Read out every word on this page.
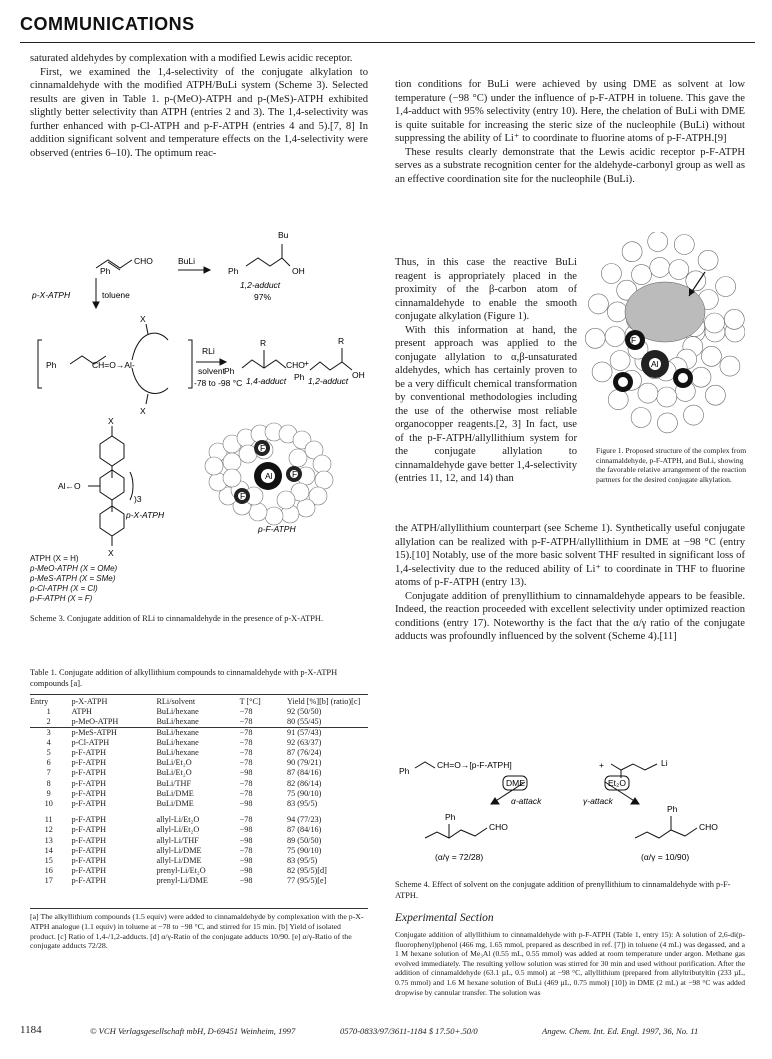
COMMUNICATIONS

saturated aldehydes by complexation with a modified Lewis acidic receptor.

First, we examined the 1,4-selectivity of the conjugate alkylation to cinnamaldehyde with the modified ATPH/BuLi system (Scheme 3). Selected results are given in Table 1. p-(MeO)-ATPH and p-(MeS)-ATPH exhibited slightly better selectivity than ATPH (entries 2 and 3). The 1,4-selectivity was further enhanced with p-Cl-ATPH and p-F-ATPH (entries 4 and 5).[7, 8] In addition significant solvent and temperature effects on the 1,4-selectivity were observed (entries 6–10). The optimum reac-

Ph
CHO	BuLi
Bu
Ph	OH
1,2-adduct
97%
p-X-ATPH	toluene
X
Ph	CH=O→Al-
X
RLi
solvent
-78 to -98 °C
R	R
Ph
CHO +
Ph	OH
1,4-adduct	1,2-adduct
X
Al←O
)3
p-X-ATPH
X
Al
F
F
F
p-F-ATPH
ATPH (X = H)
p-MeO-ATPH (X = OMe)
p-MeS-ATPH (X = SMe)
p-Cl-ATPH (X = Cl)
p-F-ATPH (X = F)
Scheme 3. Conjugate addition of RLi to cinnamaldehyde in the presence of p-X-ATPH.
Table 1. Conjugate addition of alkyllithium compounds to cinnamaldehyde with p-X-ATPH compounds [a].
Entry	p-X-ATPH	RLi/solvent	T [°C]	Yield [%][b] (ratio)[c]
1	ATPH	BuLi/hexane	−78	92 (50/50)
2	p-MeO-ATPH	BuLi/hexane	−78	80 (55/45)
3	p-MeS-ATPH	BuLi/hexane	−78	91 (57/43)
4	p-Cl-ATPH	BuLi/hexane	−78	92 (63/37)
5	p-F-ATPH	BuLi/hexane	−78	87 (76/24)
6	p-F-ATPH	BuLi/Et₂O	−78	90 (79/21)
7	p-F-ATPH	BuLi/Et₂O	−98	87 (84/16)
8	p-F-ATPH	BuLi/THF	−78	82 (86/14)
9	p-F-ATPH	BuLi/DME	−78	75 (90/10)
10	p-F-ATPH	BuLi/DME	−98	83 (95/5)
11	p-F-ATPH	allyl-Li/Et₂O	−78	94 (77/23)
12	p-F-ATPH	allyl-Li/Et₂O	−98	87 (84/16)
13	p-F-ATPH	allyl-Li/THF	−98	89 (50/50)
14	p-F-ATPH	allyl-Li/DME	−78	75 (90/10)
15	p-F-ATPH	allyl-Li/DME	−98	83 (95/5)
16	p-F-ATPH	prenyl-Li/Et₂O	−98	82 (95/5)[d]
17	p-F-ATPH	prenyl-Li/DME	−98	77 (95/5)[e]
[a] The alkyllithium compounds (1.5 equiv) were added to cinnamaldehyde by complexation with the p-X-ATPH analogue (1.1 equiv) in toluene at −78 to −98 °C, and stirred for 15 min. [b] Yield of isolated product. [c] Ratio of 1,4-/1,2-adducts. [d] α/γ-Ratio of the conjugate adducts 10/90. [e] α/γ-Ratio of the conjugate adducts 72/28.

tion conditions for BuLi were achieved by using DME as solvent at low temperature (−98 °C) under the influence of p-F-ATPH in toluene. This gave the 1,4-adduct with 95% selectivity (entry 10). Here, the chelation of BuLi with DME is quite suitable for increasing the steric size of the nucleophile (BuLi) without suppressing the ability of Li⁺ to coordinate to fluorine atoms of p-F-ATPH.[9]

These results clearly demonstrate that the Lewis acidic receptor p-F-ATPH serves as a substrate recognition center for the aldehyde-carbonyl group as well as an effective coordination site for the nucleophile (BuLi).

Thus, in this case the reactive BuLi reagent is appropriately placed in the proximity of the β-carbon atom of cinnamaldehyde to enable the smooth conjugate alkylation (Figure 1).

With this information at hand, the present approach was applied to the conjugate allylation to α,β-unsaturated aldehydes, which has certainly proven to be a very difficult chemical transformation by conventional methodologies including the use of the otherwise most reliable organocopper reagents.[2, 3] In fact, use of the p-F-ATPH/allyllithium system for the conjugate allylation to cinnamaldehyde gave better 1,4-selectivity (entries 11, 12, and 14) than

the ATPH/allyllithium counterpart (see Scheme 1). Synthetically useful conjugate allylation can be realized with p-F-ATPH/allyllithium in DME at −98 °C (entry 15).[10] Notably, use of the more basic solvent THF resulted in significant loss of 1,4-selectivity due to the reduced ability of Li⁺ to coordinate in THF to fluorine atoms of p-F-ATPH (entry 13).

Conjugate addition of prenyllithium to cinnamaldehyde appears to be feasible. Indeed, the reaction proceeded with excellent selectivity under optimized reaction conditions (entry 17). Noteworthy is the fact that the α/γ ratio of the conjugate adducts was profoundly influenced by the solvent (Scheme 4).[11]

F
Al
Figure 1. Proposed structure of the complex from cinnamaldehyde, p-F-ATPH, and BuLi, showing the favorable relative arrangement of the reaction partners for the desired conjugate alkylation.
Ph
CH=O→[p-F-ATPH]	+	Li
DME	Et₂O
α-attack	γ-attack
Ph
CHO
(α/γ = 72/28)
Ph
CHO
(α/γ = 10/90)
Scheme 4. Effect of solvent on the conjugate addition of prenyllithium to cinnamaldehyde with p-F-ATPH.
Experimental Section
Conjugate addition of allyllithium to cinnamaldehyde with p-F-ATPH (Table 1, entry 15): A solution of 2,6-di(p-fluorophenyl)phenol (466 mg, 1.65 mmol, prepared as described in ref. [7]) in toluene (4 mL) was degassed, and a 1 M hexane solution of Me₃Al (0.55 mL, 0.55 mmol) was added at room temperature under argon. Methane gas evolved immediately. The resulting yellow solution was stirred for 30 min and used without purification. After the addition of cinnamaldehyde (63.1 µL, 0.5 mmol) at −98 °C, allyllithium (prepared from allyltributyltin (233 µL, 0.75 mmol) and 1.6 M hexane solution of BuLi (469 µL, 0.75 mmol) [10]) in DME (2 mL) at −98 °C was added dropwise by cannular transfer. The solution was
1184	© VCH Verlagsgesellschaft mbH, D-69451 Weinheim, 1997	0570-0833/97/3611-1184 $ 17.50+.50/0	Angew. Chem. Int. Ed. Engl. 1997, 36, No. 11
